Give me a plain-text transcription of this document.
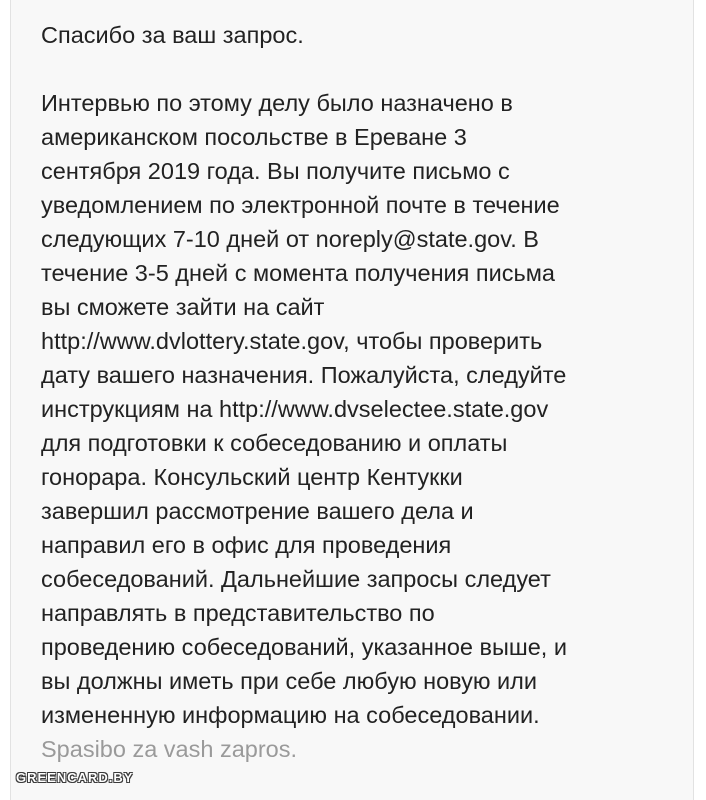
Спасибо за ваш запрос.

Интервью по этому делу было назначено в
американском посольстве в Ереване 3
сентября 2019 года. Вы получите письмо с
уведомлением по электронной почте в течение
следующих 7-10 дней от noreply@state.gov. В
течение 3-5 дней с момента получения письма
вы сможете зайти на сайт
http://www.dvlottery.state.gov, чтобы проверить
дату вашего назначения. Пожалуйста, следуйте
инструкциям на http://www.dvselectee.state.gov
для подготовки к собеседованию и оплаты
гонорара. Консульский центр Кентукки
завершил рассмотрение вашего дела и
направил его в офис для проведения
собеседований. Дальнейшие запросы следует
направлять в представительство по
проведению собеседований, указанное выше, и
вы должны иметь при себе любую новую или
измененную информацию на собеседовании.

Spasibo za vash zapros.

GREENCARD.BY
